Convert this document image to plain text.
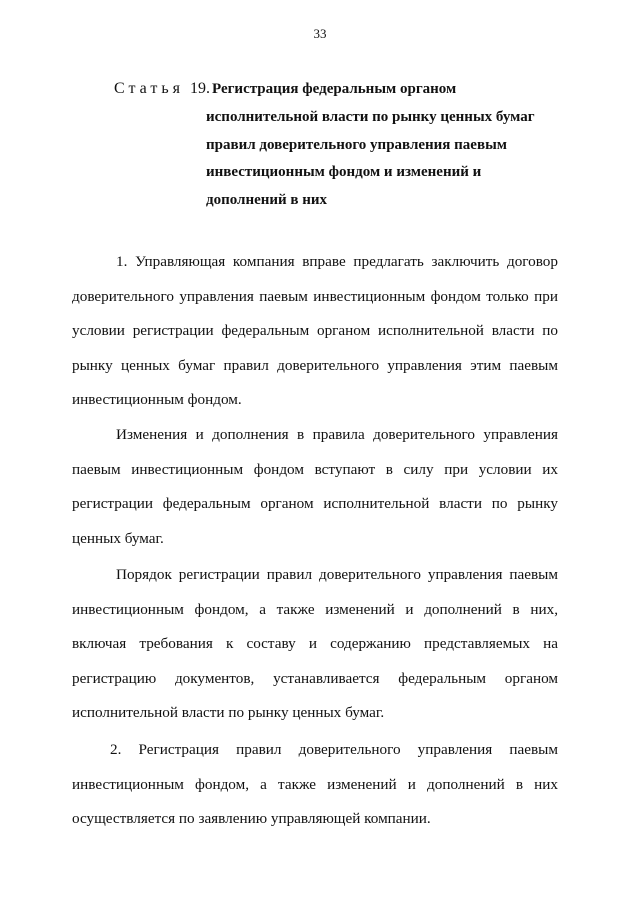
33
Статья 19. Регистрация федеральным органом
исполнительной власти по рынку ценных бумаг
правил доверительного управления паевым
инвестиционным фондом и изменений и
дополнений в них
1. Управляющая компания вправе предлагать заключить договор
доверительного управления паевым инвестиционным фондом только при
условии регистрации федеральным органом исполнительной власти по
рынку ценных бумаг правил доверительного управления этим паевым
инвестиционным фондом.
Изменения и дополнения в правила доверительного управления
паевым инвестиционным фондом вступают в силу при условии их
регистрации федеральным органом исполнительной власти по рынку
ценных бумаг.
Порядок регистрации правил доверительного управления паевым
инвестиционным фондом, а также изменений и дополнений в них,
включая требования к составу и содержанию представляемых на
регистрацию документов, устанавливается федеральным органом
исполнительной власти по рынку ценных бумаг.
2. Регистрация правил доверительного управления паевым
инвестиционным фондом, а также изменений и дополнений в них
осуществляется по заявлению управляющей компании.
